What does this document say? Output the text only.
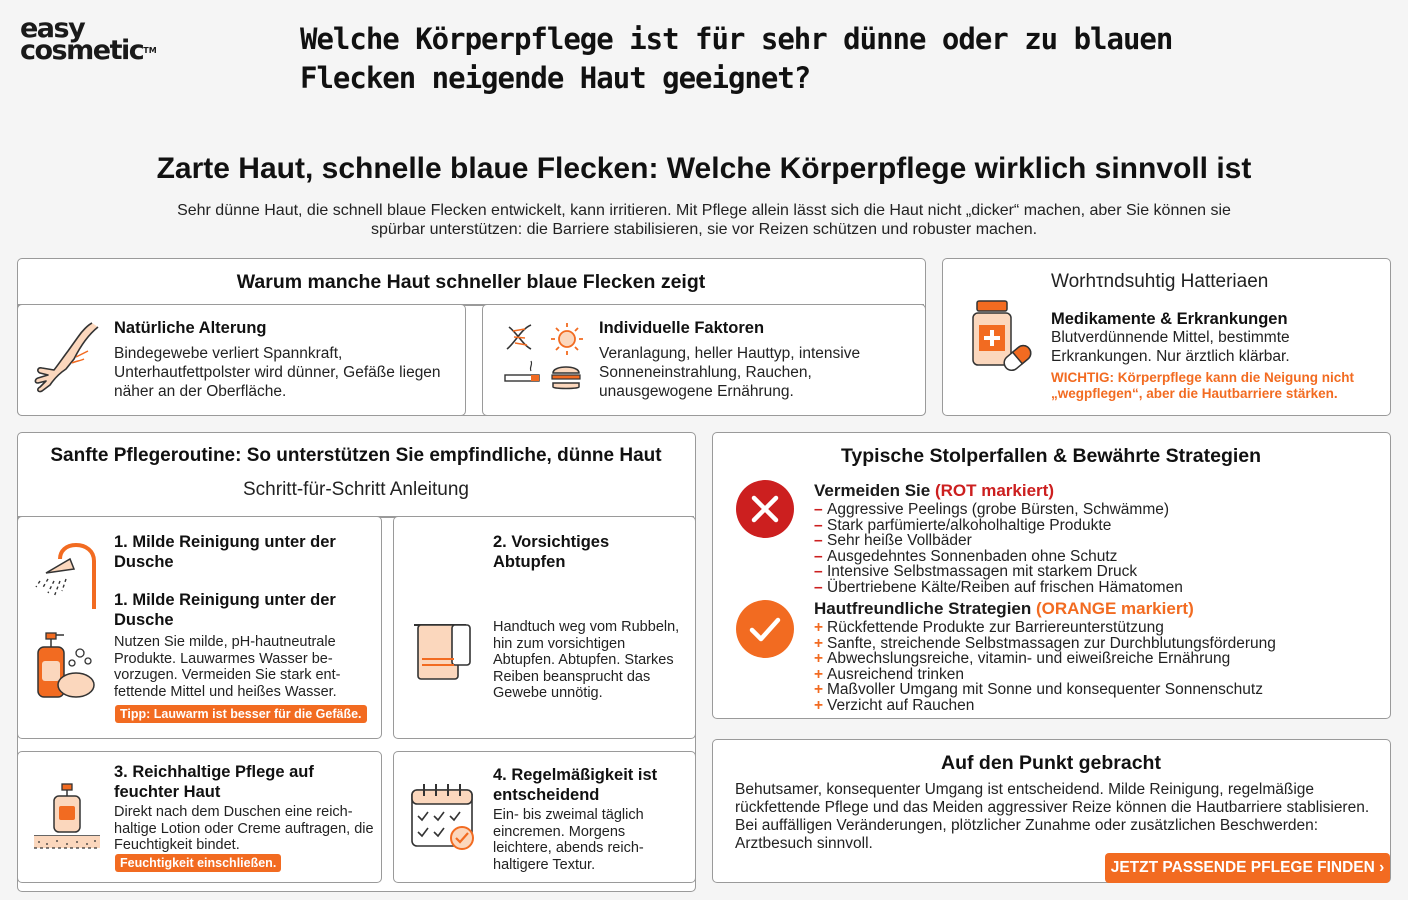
easy
cosmetic™	Welche Körperpflege ist für sehr dünne oder zu blauen Flecken neigende Haut geeignet?
Zarte Haut, schnelle blaue Flecken: Welche Körperpflege wirklich sinnvoll ist
Sehr dünne Haut, die schnell blaue Flecken entwickelt, kann irritieren. Mit Pflege allein lässt sich die Haut nicht „dicker“ machen, aber Sie können sie spürbar unterstützen: die Barriere stabilisieren, sie vor Reizen schützen und robuster machen.
Warum manche Haut schneller blaue Flecken zeigt
Natürliche Alterung
Bindegewebe verliert Spannkraft, Unterhautfettpolster wird dünner, Gefäße liegen näher an der Oberfläche.
Individuelle Faktoren
Veranlagung, heller Hauttyp, intensive Sonneneinstrahlung, Rauchen, unausgewogene Ernährung.
Worhτndsuhtig Ηatteriaen
Medikamente & Erkrankungen
Blutverdünnende Mittel, bestimmte Erkrankungen. Nur ärztlich klärbar.
WICHTIG: Körperpflege kann die Neigung nicht „wegpflegen“, aber die Hautbarriere stärken.
Sanfte Pflegeroutine: So unterstützen Sie empfindliche, dünne Haut
Schritt-für-Schritt Anleitung
1. Milde Reinigung unter der Dusche
1. Milde Reinigung unter der Dusche
Nutzen Sie milde, pH-hautneutrale Produkte. Lauwarmes Wasser be-vorzugen. Vermeiden Sie stark ent-fettende Mittel und heißes Wasser.
Tipp: Lauwarm ist besser für die Gefäße.
2. Vorsichtiges Abtupfen
Handtuch weg vom Rubbeln, hin zum vorsichtigen Abtupfen. Abtupfen. Starkes Reiben beansprucht das Gewebe unnötig.
3. Reichhaltige Pflege auf feuchter Haut
Direkt nach dem Duschen eine reich-haltige Lotion oder Creme auftragen, die Feuchtigkeit bindet.
Feuchtigkeit einschließen.
4. Regelmäßigkeit ist entscheidend
Ein- bis zweimal täglich eincremen. Morgens leichtere, abends reich-haltigere Textur.
Typische Stolperfallen & Bewährte Strategien
Vermeiden Sie (ROT markiert)
– Aggressive Peelings (grobe Bürsten, Schwämme)
– Stark parfümierte/alkoholhaltige Produkte
– Sehr heiße Vollbäder
– Ausgedehntes Sonnenbaden ohne Schutz
– Intensive Selbstmassagen mit starkem Druck
– Übertriebene Kälte/Reiben auf frischen Hämatomen
Hautfreundliche Strategien (ORANGE markiert)
+ Rückfettende Produkte zur Barriereunterstützung
+ Sanfte, streichende Selbstmassagen zur Durchblutungsförderung
+ Abwechslungsreiche, vitamin- und eiweißreiche Ernährung
+ Ausreichend trinken
+ Maßvoller Umgang mit Sonne und konsequenter Sonnenschutz
+ Verzicht auf Rauchen
Auf den Punkt gebracht
Behutsamer, konsequenter Umgang ist entscheidend. Milde Reinigung, regelmäßige rückfettende Pflege und das Meiden aggressiver Reize können die Hautbarriere stablisieren. Bei auffälligen Veränderungen, plötzlicher Zunahme oder zusätzlichen Beschwerden: Arztbesuch sinnvoll.
JETZT PASSENDE PFLEGE FINDEN ›
